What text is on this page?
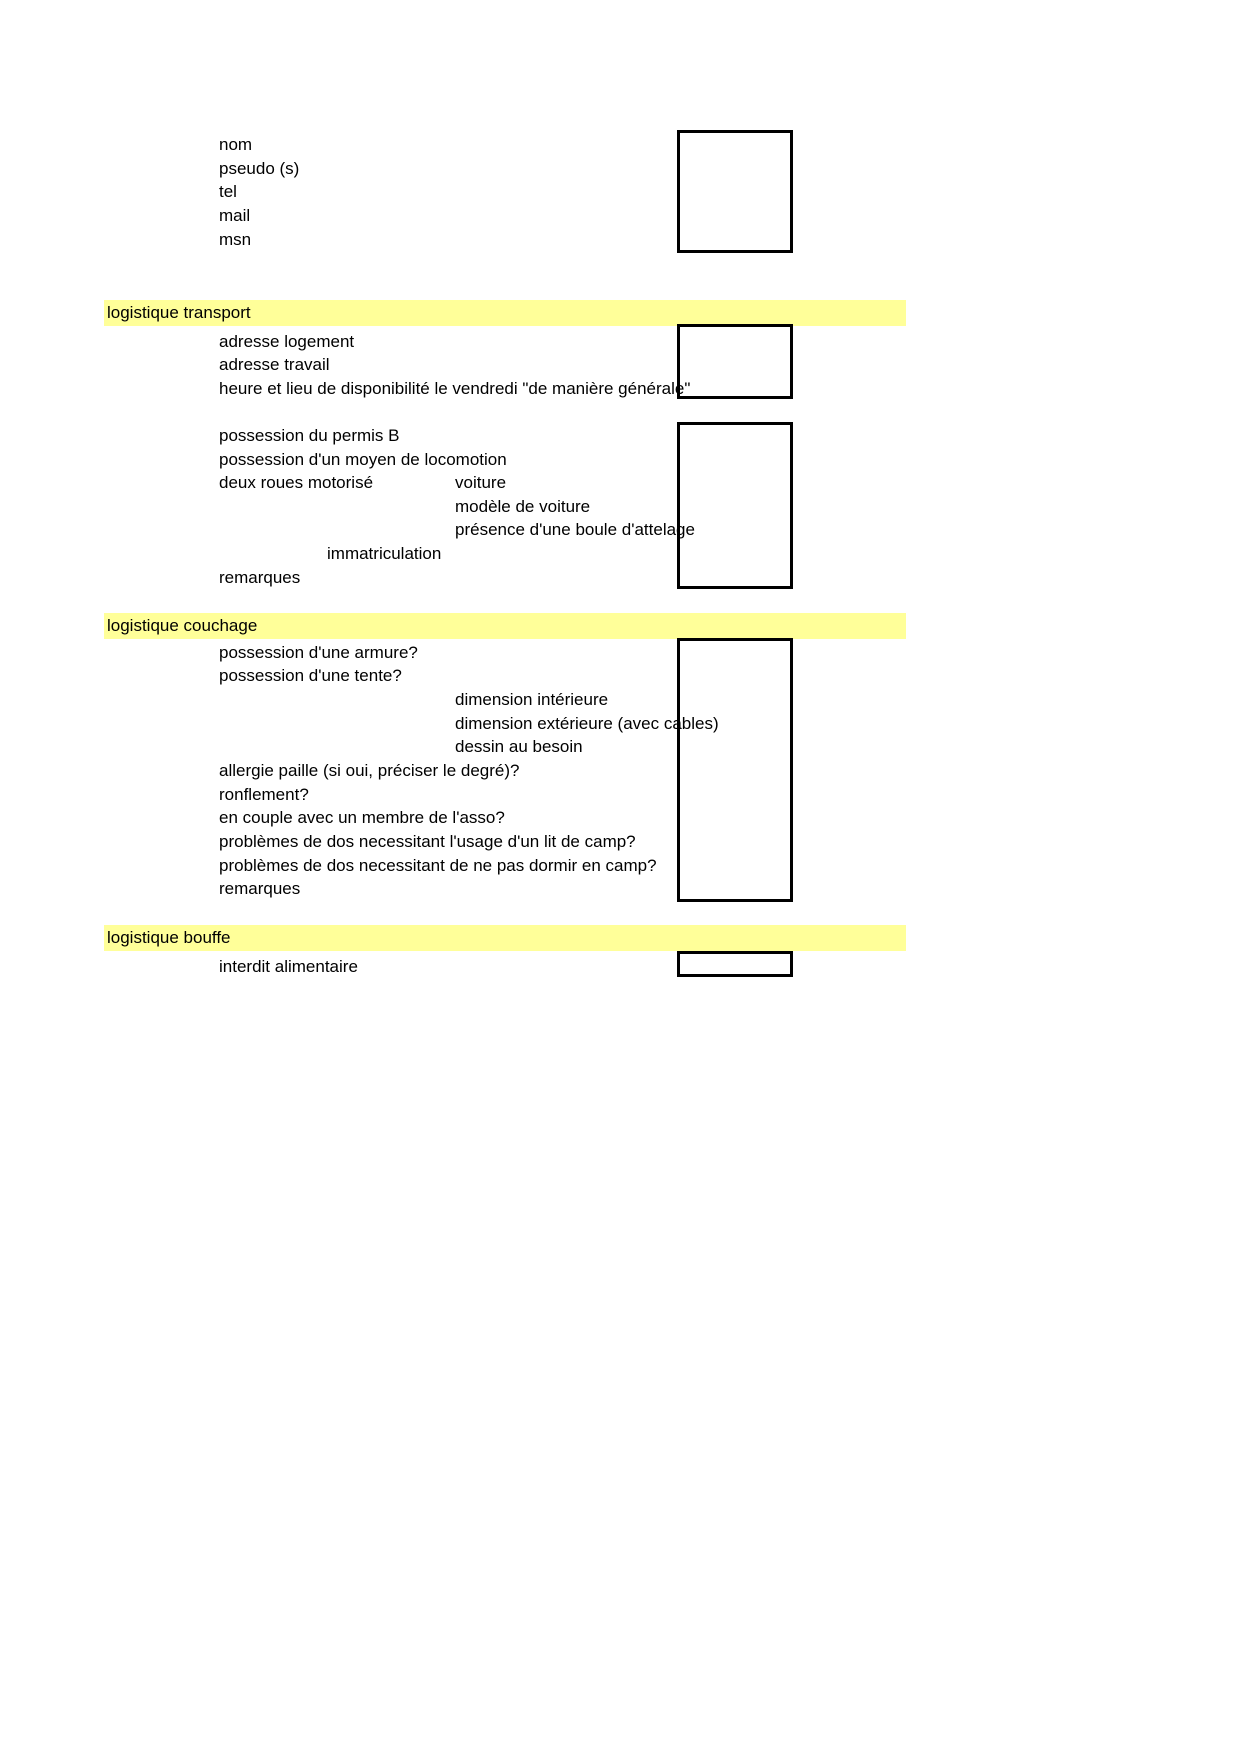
nom
pseudo (s)
tel
mail
msn
logistique transport
adresse logement
adresse travail
heure et lieu de disponibilité le vendredi "de manière générale"
possession du permis B
possession d'un moyen de locomotion
deux roues motorisé	voiture
modèle de voiture
présence d'une boule d'attelage
immatriculation
remarques
logistique couchage
possession d'une armure?
possession d'une tente?
dimension intérieure
dimension extérieure (avec cables)
dessin au besoin
allergie paille (si oui, préciser le degré)?
ronflement?
en couple avec un membre de l'asso?
problèmes de dos necessitant l'usage d'un lit de camp?
problèmes de dos necessitant de ne pas dormir en camp?
remarques
logistique bouffe
interdit alimentaire
